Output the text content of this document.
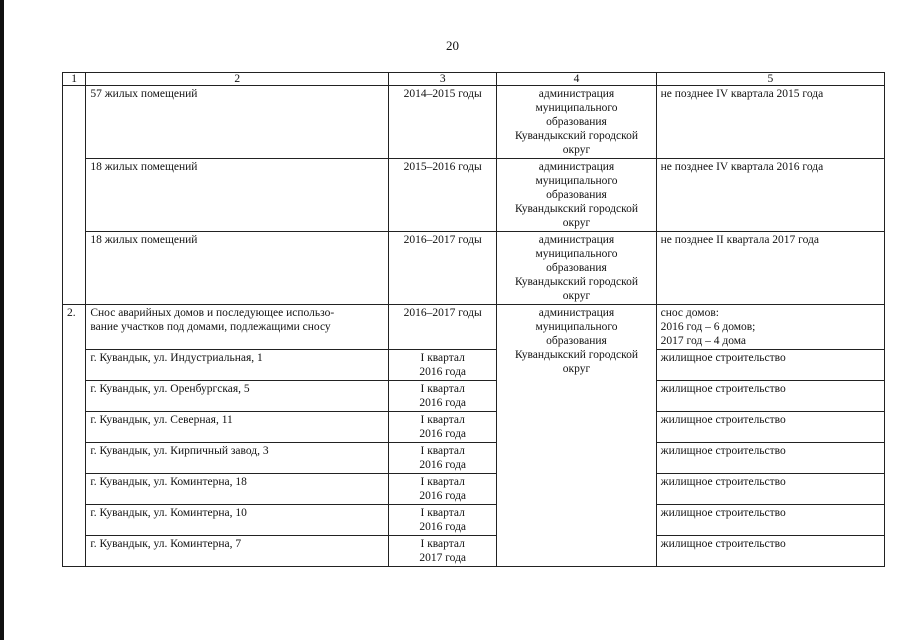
20
1	2	3	4	5
	57 жилых помещений	2014–2015 годы	администрация
муниципального
образования
Кувандыкский городской
округ	не позднее IV квартала 2015 года
	18 жилых помещений	2015–2016 годы	администрация
муниципального
образования
Кувандыкский городской
округ	не позднее IV квартала 2016 года
	18 жилых помещений	2016–2017 годы	администрация
муниципального
образования
Кувандыкский городской
округ	не позднее II квартала 2017 года
2.	Снос аварийных домов и последующее использо-
вание участков под домами, подлежащими сносу	2016–2017 годы	администрация
муниципального
образования
Кувандыкский городской
округ	снос домов:
2016 год – 6 домов;
2017 год – 4 дома

	г. Кувандык, ул. Индустриальная, 1	I квартал
2016 года		жилищное строительство
	г. Кувандык, ул. Оренбургская, 5	I квартал
2016 года		жилищное строительство
	г. Кувандык, ул. Северная, 11	I квартал
2016 года		жилищное строительство
	г. Кувандык, ул. Кирпичный завод, 3	I квартал
2016 года		жилищное строительство
	г. Кувандык, ул. Коминтерна, 18	I квартал
2016 года		жилищное строительство
	г. Кувандык, ул. Коминтерна, 10	I квартал
2016 года		жилищное строительство
	г. Кувандык, ул. Коминтерна, 7	I квартал
2017 года		жилищное строительство
